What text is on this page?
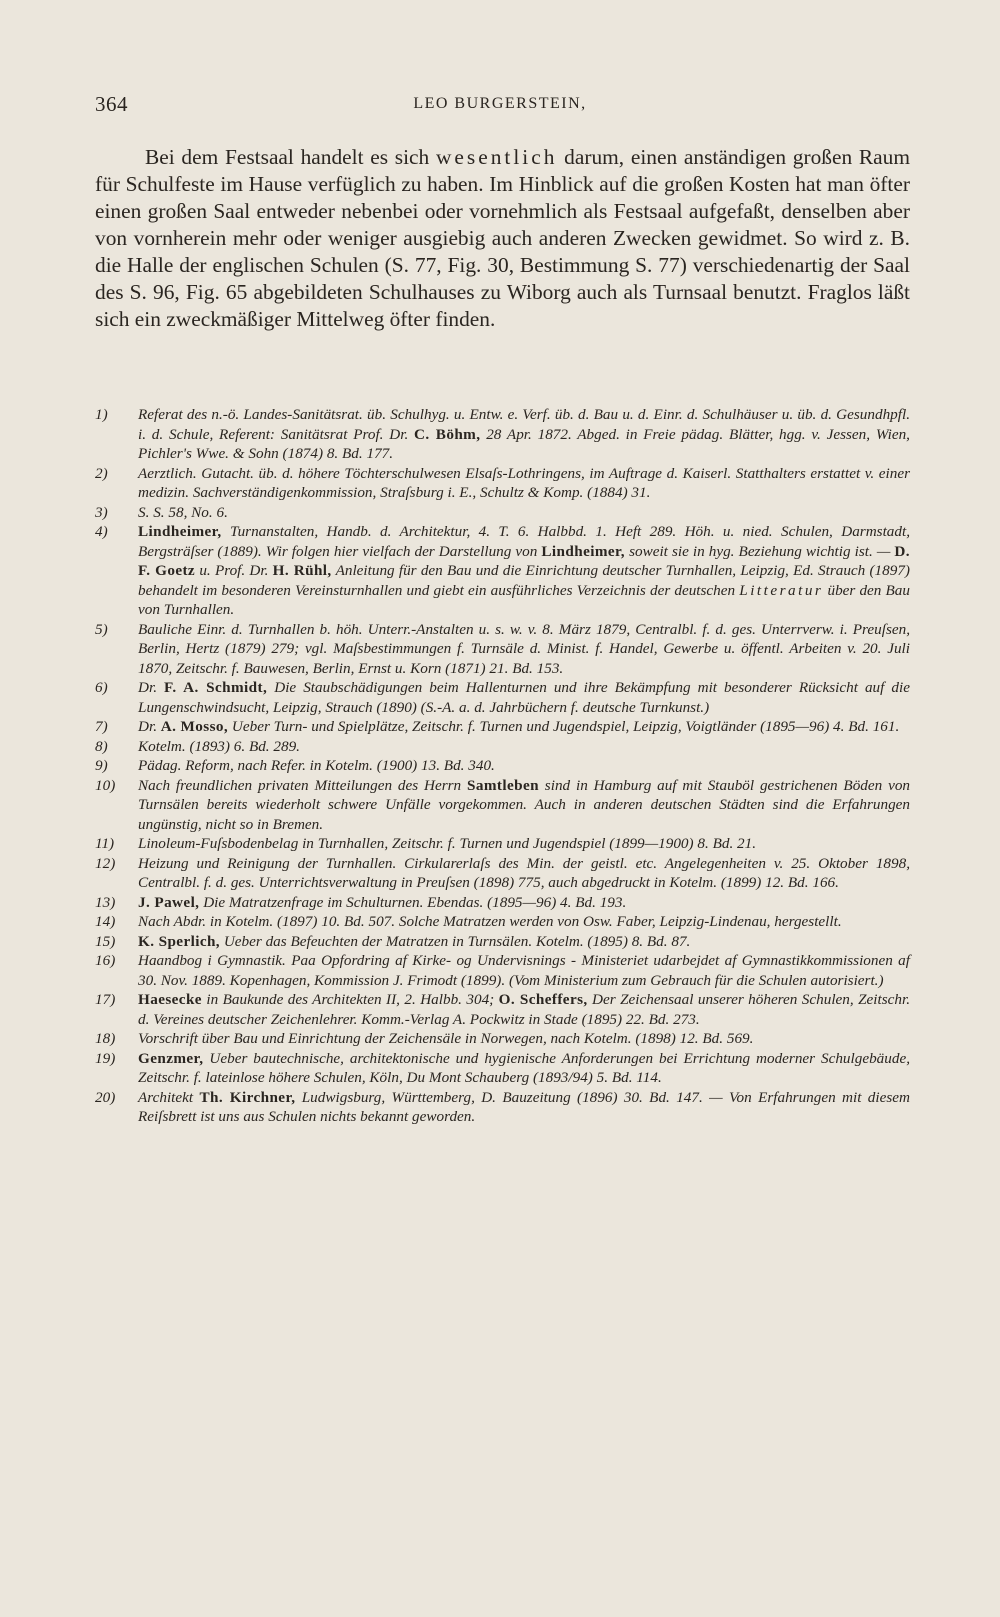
364	LEO BURGERSTEIN,

Bei dem Festsaal handelt es sich wesentlich darum, einen anständigen großen Raum für Schulfeste im Hause verfüglich zu haben. Im Hinblick auf die großen Kosten hat man öfter einen großen Saal entweder nebenbei oder vornehmlich als Festsaal aufgefaßt, denselben aber von vornherein mehr oder weniger ausgiebig auch anderen Zwecken gewidmet. So wird z. B. die Halle der englischen Schulen (S. 77, Fig. 30, Bestimmung S. 77) verschiedenartig der Saal des S. 96, Fig. 65 abgebildeten Schulhauses zu Wiborg auch als Turnsaal benutzt. Fraglos läßt sich ein zweckmäßiger Mittelweg öfter finden.

1) Referat des n.-ö. Landes-Sanitätsrat. üb. Schulhyg. u. Entw. e. Verf. üb. d. Bau u. d. Einr. d. Schulhäuser u. üb. d. Gesundhpfl. i. d. Schule, Referent: Sanitätsrat Prof. Dr. C. Böhm, 28 Apr. 1872. Abged. in Freie pädag. Blätter, hgg. v. Jessen, Wien, Pichler's Wwe. & Sohn (1874) 8. Bd. 177.
2) Aerztlich. Gutacht. üb. d. höhere Töchterschulwesen Elsaſs-Lothringens, im Auftrage d. Kaiserl. Statthalters erstattet v. einer medizin. Sachverständigenkommission, Straſsburg i. E., Schultz & Komp. (1884) 31.
3) S. S. 58, No. 6.
4) Lindheimer, Turnanstalten, Handb. d. Architektur, 4. T. 6. Halbbd. 1. Heft 289. Höh. u. nied. Schulen, Darmstadt, Bergsträſser (1889). Wir folgen hier vielfach der Darstellung von Lindheimer, soweit sie in hyg. Beziehung wichtig ist. — D. F. Goetz u. Prof. Dr. H. Rühl, Anleitung für den Bau und die Einrichtung deutscher Turnhallen, Leipzig, Ed. Strauch (1897) behandelt im besonderen Vereinsturnhallen und giebt ein ausführliches Verzeichnis der deutschen Litteratur über den Bau von Turnhallen.
5) Bauliche Einr. d. Turnhallen b. höh. Unterr.-Anstalten u. s. w. v. 8. März 1879, Centralbl. f. d. ges. Unterrverw. i. Preuſsen, Berlin, Hertz (1879) 279; vgl. Maſsbestimmungen f. Turnsäle d. Minist. f. Handel, Gewerbe u. öffentl. Arbeiten v. 20. Juli 1870, Zeitschr. f. Bauwesen, Berlin, Ernst u. Korn (1871) 21. Bd. 153.
6) Dr. F. A. Schmidt, Die Staubschädigungen beim Hallenturnen und ihre Bekämpfung mit besonderer Rücksicht auf die Lungenschwindsucht, Leipzig, Strauch (1890) (S.-A. a. d. Jahrbüchern f. deutsche Turnkunst.)
7) Dr. A. Mosso, Ueber Turn- und Spielplätze, Zeitschr. f. Turnen und Jugendspiel, Leipzig, Voigtländer (1895—96) 4. Bd. 161.
8) Kotelm. (1893) 6. Bd. 289.
9) Pädag. Reform, nach Refer. in Kotelm. (1900) 13. Bd. 340.
10) Nach freundlichen privaten Mitteilungen des Herrn Samtleben sind in Hamburg auf mit Stauböl gestrichenen Böden von Turnsälen bereits wiederholt schwere Unfälle vorgekommen. Auch in anderen deutschen Städten sind die Erfahrungen ungünstig, nicht so in Bremen.
11) Linoleum-Fuſsbodenbelag in Turnhallen, Zeitschr. f. Turnen und Jugendspiel (1899—1900) 8. Bd. 21.
12) Heizung und Reinigung der Turnhallen. Cirkularerlaſs des Min. der geistl. etc. Angelegenheiten v. 25. Oktober 1898, Centralbl. f. d. ges. Unterrichtsverwaltung in Preuſsen (1898) 775, auch abgedruckt in Kotelm. (1899) 12. Bd. 166.
13) J. Pawel, Die Matratzenfrage im Schulturnen. Ebendas. (1895—96) 4. Bd. 193.
14) Nach Abdr. in Kotelm. (1897) 10. Bd. 507. Solche Matratzen werden von Osw. Faber, Leipzig-Lindenau, hergestellt.
15) K. Sperlich, Ueber das Befeuchten der Matratzen in Turnsälen. Kotelm. (1895) 8. Bd. 87.
16) Haandbog i Gymnastik. Paa Opfordring af Kirke- og Undervisnings - Ministeriet udarbejdet af Gymnastikkommissionen af 30. Nov. 1889. Kopenhagen, Kommission J. Frimodt (1899). (Vom Ministerium zum Gebrauch für die Schulen autorisiert.)
17) Haesecke in Baukunde des Architekten II, 2. Halbb. 304; O. Scheffers, Der Zeichensaal unserer höheren Schulen, Zeitschr. d. Vereines deutscher Zeichenlehrer. Komm.-Verlag A. Pockwitz in Stade (1895) 22. Bd. 273.
18) Vorschrift über Bau und Einrichtung der Zeichensäle in Norwegen, nach Kotelm. (1898) 12. Bd. 569.
19) Genzmer, Ueber bautechnische, architektonische und hygienische Anforderungen bei Errichtung moderner Schulgebäude, Zeitschr. f. lateinlose höhere Schulen, Köln, Du Mont Schauberg (1893/94) 5. Bd. 114.
20) Architekt Th. Kirchner, Ludwigsburg, Württemberg, D. Bauzeitung (1896) 30. Bd. 147. — Von Erfahrungen mit diesem Reiſsbrett ist uns aus Schulen nichts bekannt geworden.
